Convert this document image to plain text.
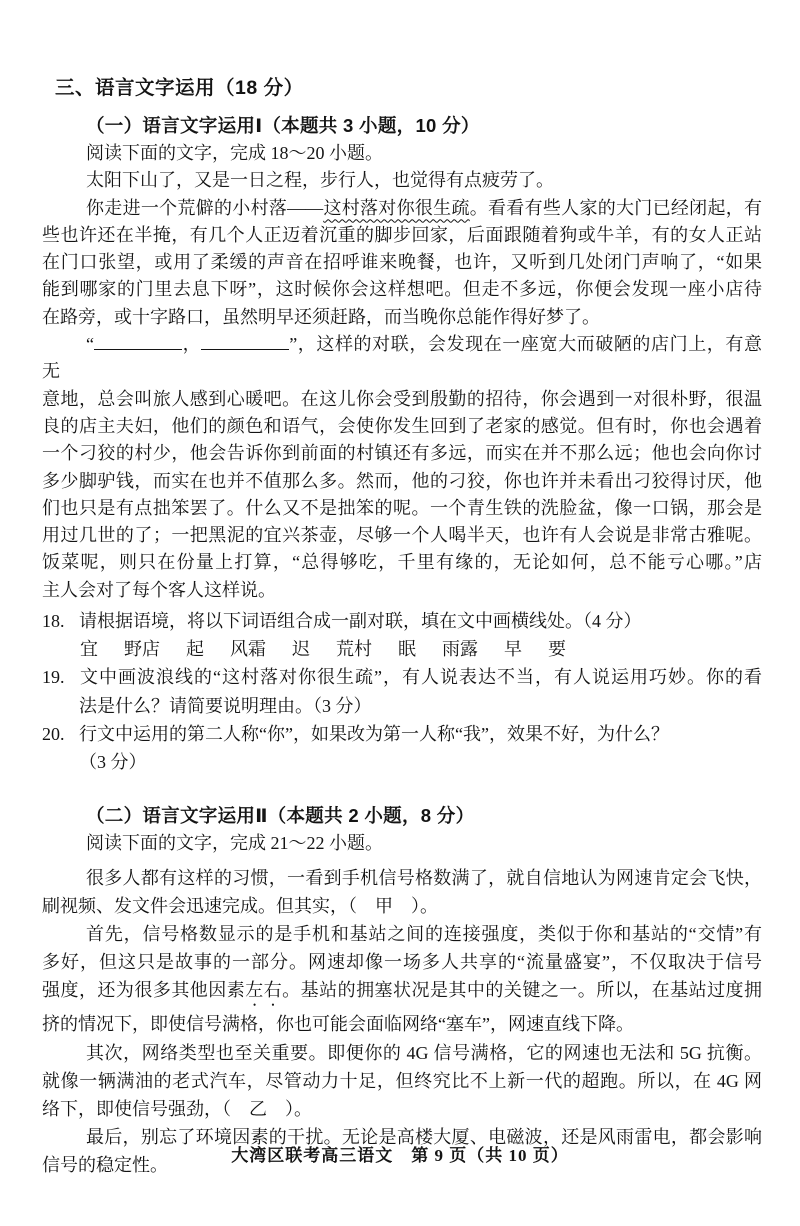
三、语言文字运用（18 分）
（一）语言文字运用Ⅰ（本题共 3 小题，10 分）
阅读下面的文字，完成 18～20 小题。
太阳下山了，又是一日之程，步行人，也觉得有点疲劳了。
你走进一个荒僻的小村落——这村落对你很生疏。看看有些人家的大门已经闭起，有
些也许还在半掩，有几个人正迈着沉重的脚步回家，后面跟随着狗或牛羊，有的女人正站
在门口张望，或用了柔缓的声音在招呼谁来晚餐，也许，又听到几处闭门声响了，“如果
能到哪家的门里去息下呀”，这时候你会这样想吧。但走不多远，你便会发现一座小店待
在路旁，或十字路口，虽然明早还须赶路，而当晚你总能作得好梦了。
“	，	”，这样的对联，会发现在一座宽大而破陋的店门上，有意无
意地，总会叫旅人感到心暖吧。在这儿你会受到殷勤的招待，你会遇到一对很朴野，很温
良的店主夫妇，他们的颜色和语气，会使你发生回到了老家的感觉。但有时，你也会遇着
一个刁狡的村少，他会告诉你到前面的村镇还有多远，而实在并不那么远；他也会向你讨
多少脚驴钱，而实在也并不值那么多。然而，他的刁狡，你也许并未看出刁狡得讨厌，他
们也只是有点拙笨罢了。什么又不是拙笨的呢。一个青生铁的洗脸盆，像一口锅，那会是
用过几世的了；一把黑泥的宜兴茶壶，尽够一个人喝半天，也许有人会说是非常古雅呢。
饭菜呢，则只在份量上打算，“总得够吃，千里有缘的，无论如何，总不能亏心哪。”店
主人会对了每个客人这样说。
18. 请根据语境，将以下词语组合成一副对联，填在文中画横线处。（4 分）
宜 野店 起 风霜 迟 荒村 眠 雨露 早 要
19. 文中画波浪线的“这村落对你很生疏”，有人说表达不当，有人说运用巧妙。你的看
法是什么？请简要说明理由。（3 分）
20. 行文中运用的第二人称“你”，如果改为第一人称“我”，效果不好，为什么？
（3 分）
（二）语言文字运用Ⅱ（本题共 2 小题，8 分）
阅读下面的文字，完成 21～22 小题。
很多人都有这样的习惯，一看到手机信号格数满了，就自信地认为网速肯定会飞快，
刷视频、发文件会迅速完成。但其实，（　甲　）。
首先，信号格数显示的是手机和基站之间的连接强度，类似于你和基站的“交情”有
多好，但这只是故事的一部分。网速却像一场多人共享的“流量盛宴”，不仅取决于信号
强度，还为很多其他因素左右。基站的拥塞状况是其中的关键之一。所以，在基站过度拥
挤的情况下，即使信号满格，你也可能会面临网络“塞车”，网速直线下降。
其次，网络类型也至关重要。即便你的 4G 信号满格，它的网速也无法和 5G 抗衡。
就像一辆满油的老式汽车，尽管动力十足，但终究比不上新一代的超跑。所以，在 4G 网
络下，即使信号强劲，（　乙　）。
最后，别忘了环境因素的干扰。无论是高楼大厦、电磁波，还是风雨雷电，都会影响
信号的稳定性。	大湾区联考高三语文　第 9 页（共 10 页）
